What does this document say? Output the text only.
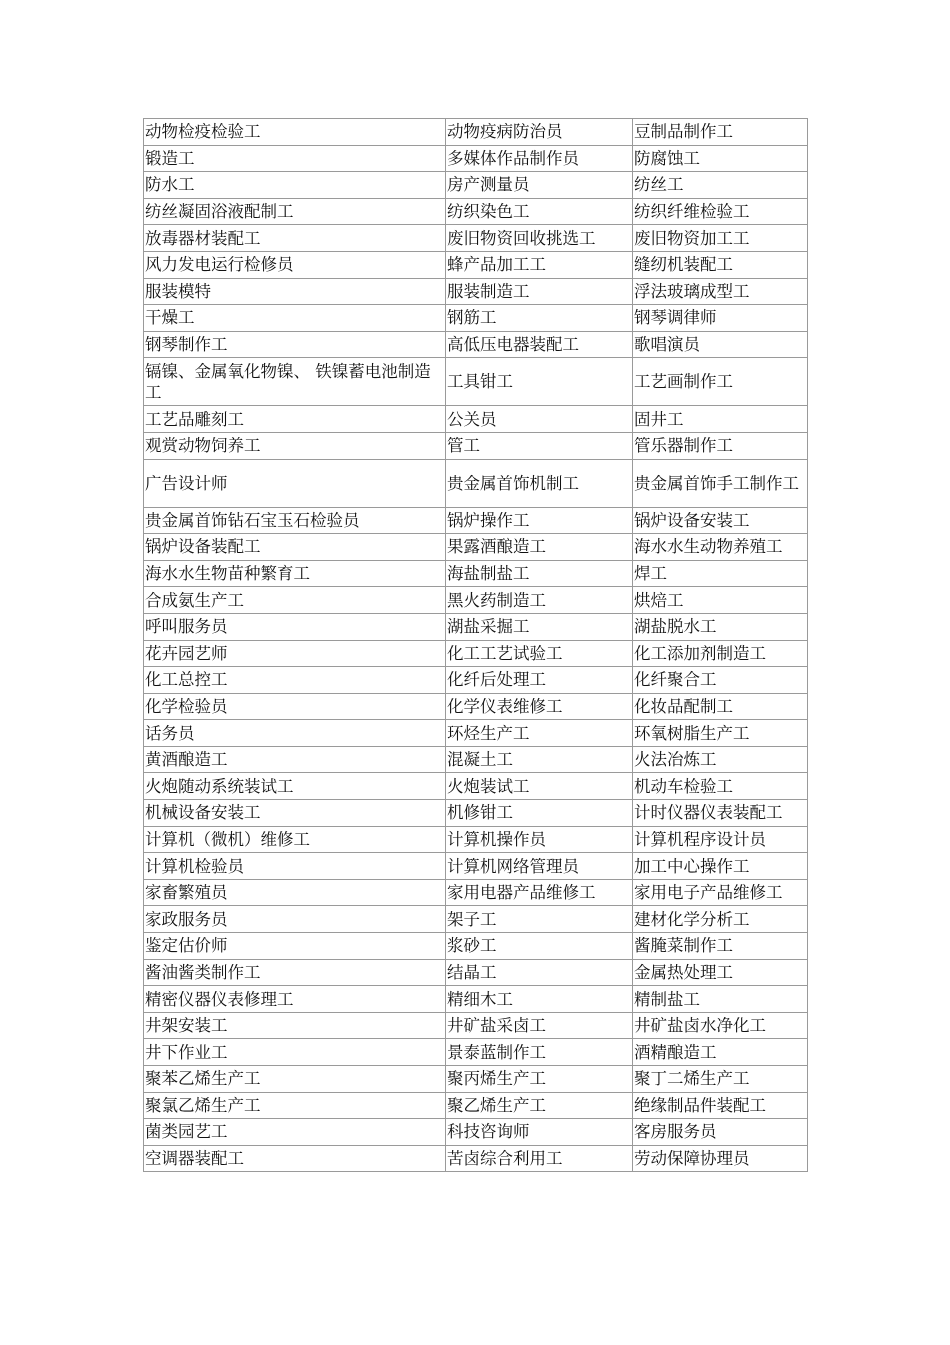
动物检疫检验工	动物疫病防治员	豆制品制作工
锻造工	多媒体作品制作员	防腐蚀工
防水工	房产测量员	纺丝工
纺丝凝固浴液配制工	纺织染色工	纺织纤维检验工
放毒器材装配工	废旧物资回收挑选工	废旧物资加工工
风力发电运行检修员	蜂产品加工工	缝纫机装配工
服装模特	服装制造工	浮法玻璃成型工
干燥工	钢筋工	钢琴调律师
钢琴制作工	高低压电器装配工	歌唱演员
镉镍、金属氧化物镍、 铁镍蓄电池制造工	工具钳工	工艺画制作工
工艺品雕刻工	公关员	固井工
观赏动物饲养工	管工	管乐器制作工
广告设计师	贵金属首饰机制工	贵金属首饰手工制作工
贵金属首饰钻石宝玉石检验员	锅炉操作工	锅炉设备安装工
锅炉设备装配工	果露酒酿造工	海水水生动物养殖工
海水水生物苗种繁育工	海盐制盐工	焊工
合成氨生产工	黑火药制造工	烘焙工
呼叫服务员	湖盐采掘工	湖盐脱水工
花卉园艺师	化工工艺试验工	化工添加剂制造工
化工总控工	化纤后处理工	化纤聚合工
化学检验员	化学仪表维修工	化妆品配制工
话务员	环烃生产工	环氧树脂生产工
黄酒酿造工	混凝土工	火法冶炼工
火炮随动系统装试工	火炮装试工	机动车检验工
机械设备安装工	机修钳工	计时仪器仪表装配工
计算机（微机）维修工	计算机操作员	计算机程序设计员
计算机检验员	计算机网络管理员	加工中心操作工
家畜繁殖员	家用电器产品维修工	家用电子产品维修工
家政服务员	架子工	建材化学分析工
鉴定估价师	浆砂工	酱腌菜制作工
酱油酱类制作工	结晶工	金属热处理工
精密仪器仪表修理工	精细木工	精制盐工
井架安装工	井矿盐采卤工	井矿盐卤水净化工
井下作业工	景泰蓝制作工	酒精酿造工
聚苯乙烯生产工	聚丙烯生产工	聚丁二烯生产工
聚氯乙烯生产工	聚乙烯生产工	绝缘制品件装配工
菌类园艺工	科技咨询师	客房服务员
空调器装配工	苦卤综合利用工	劳动保障协理员
